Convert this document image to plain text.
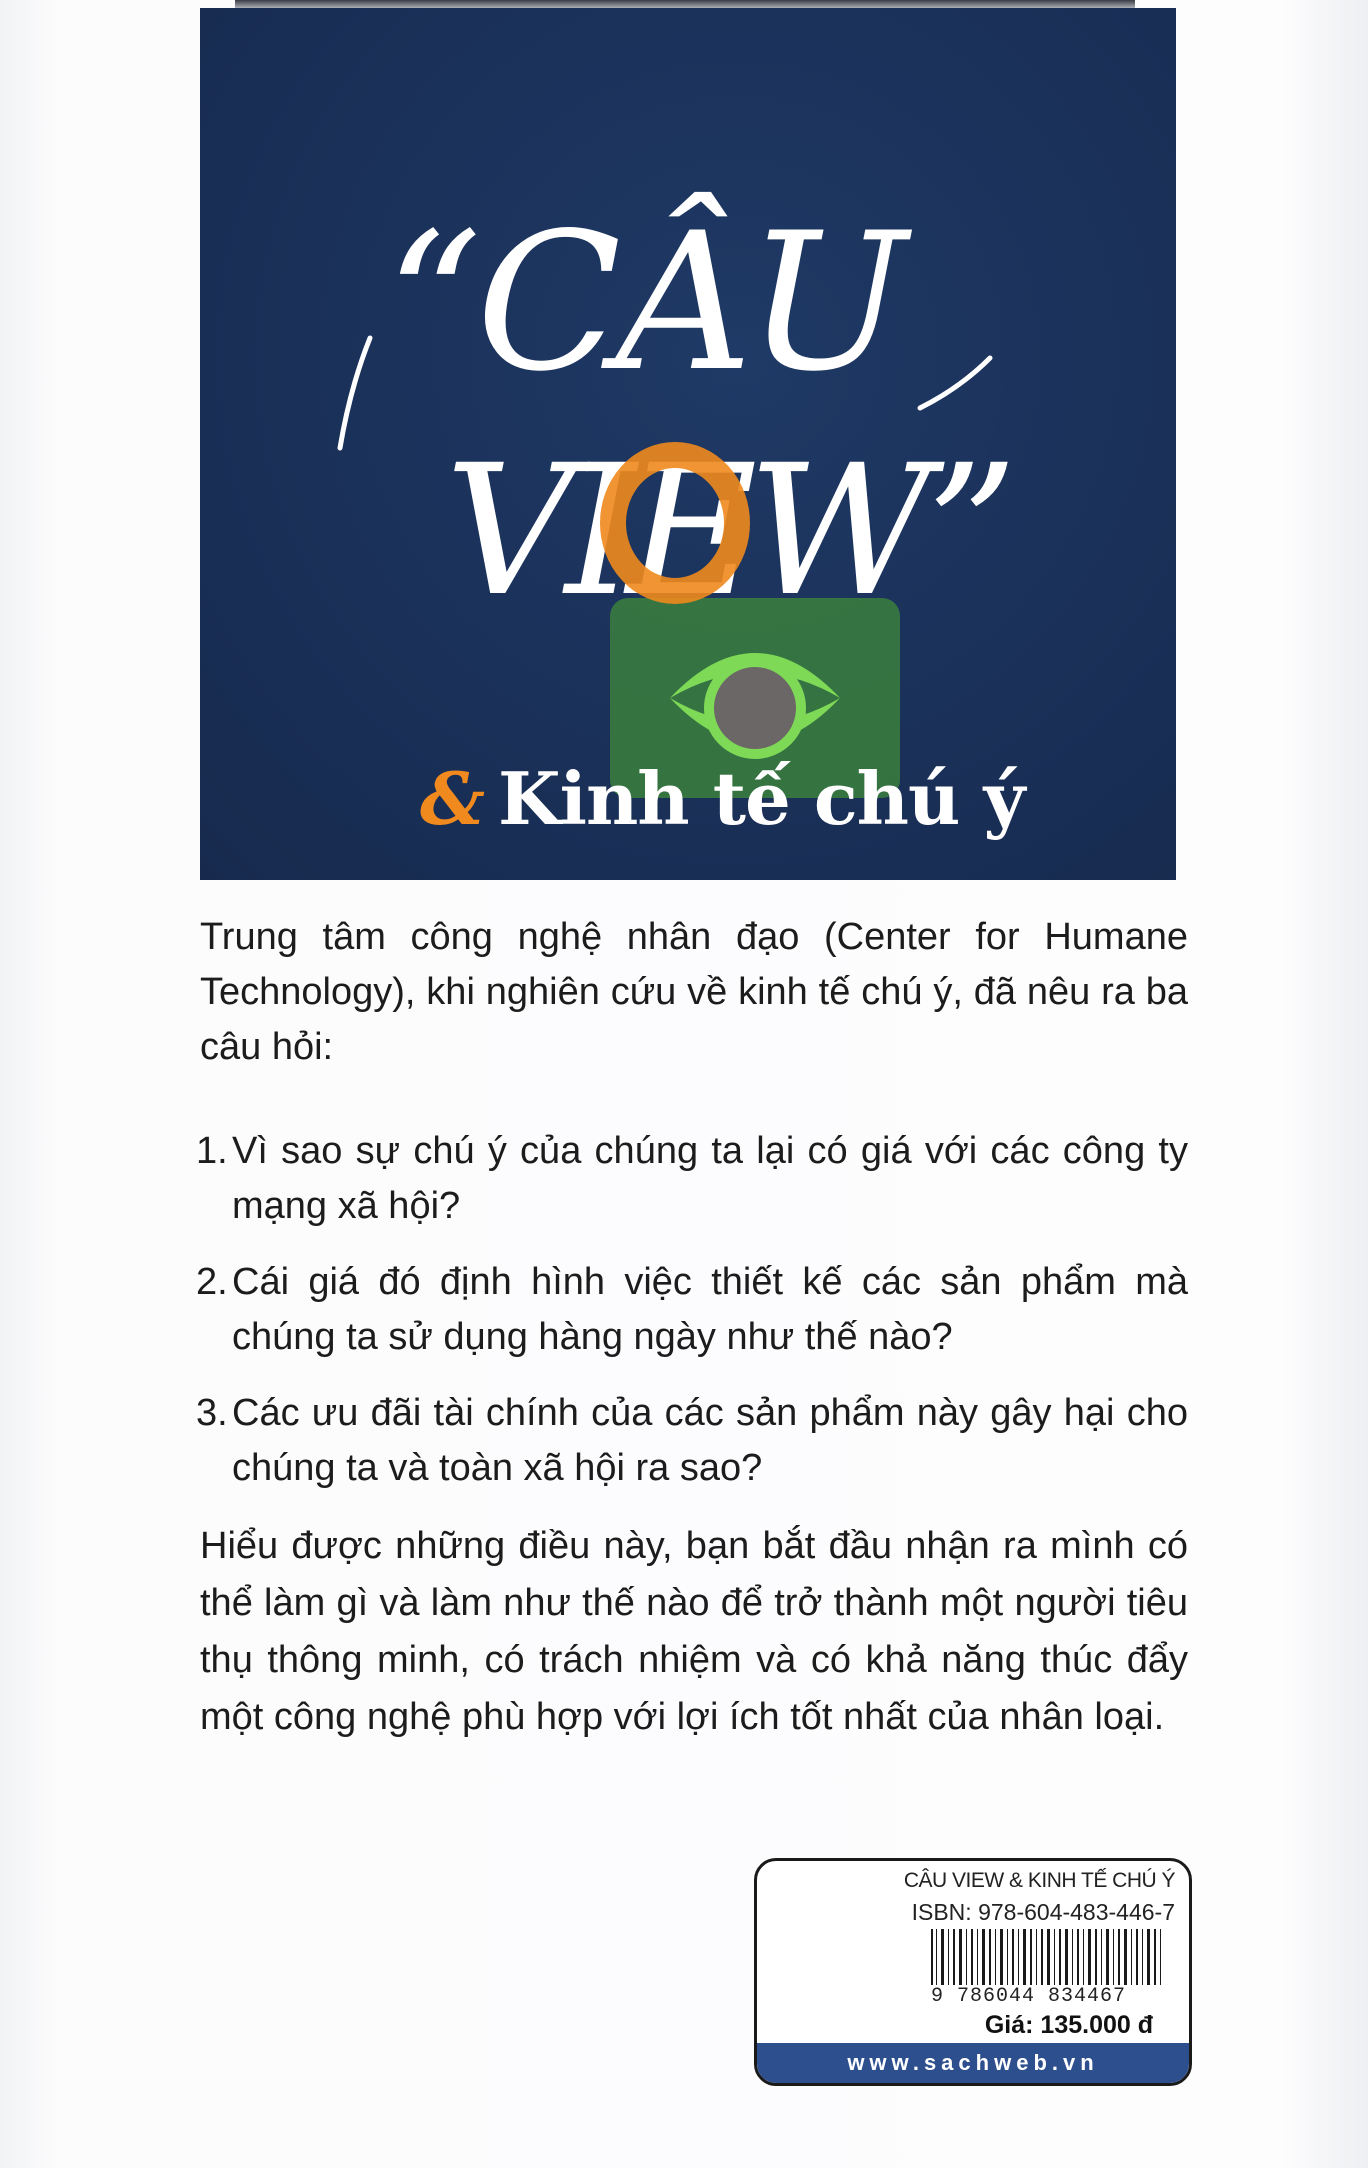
“CÂU
VIEW”
& Kinh tế chú ý

Trung tâm công nghệ nhân đạo (Center for Humane Technology), khi nghiên cứu về kinh tế chú ý, đã nêu ra ba câu hỏi:

1. Vì sao sự chú ý của chúng ta lại có giá với các công ty mạng xã hội?
2. Cái giá đó định hình việc thiết kế các sản phẩm mà chúng ta sử dụng hàng ngày như thế nào?
3. Các ưu đãi tài chính của các sản phẩm này gây hại cho chúng ta và toàn xã hội ra sao?

Hiểu được những điều này, bạn bắt đầu nhận ra mình có thể làm gì và làm như thế nào để trở thành một người tiêu thụ thông minh, có trách nhiệm và có khả năng thúc đẩy một công nghệ phù hợp với lợi ích tốt nhất của nhân loại.

CÂU VIEW & KINH TẾ CHÚ Ý
ISBN: 978-604-483-446-7
9 786044 834467
Giá: 135.000 đ
www.sachweb.vn
